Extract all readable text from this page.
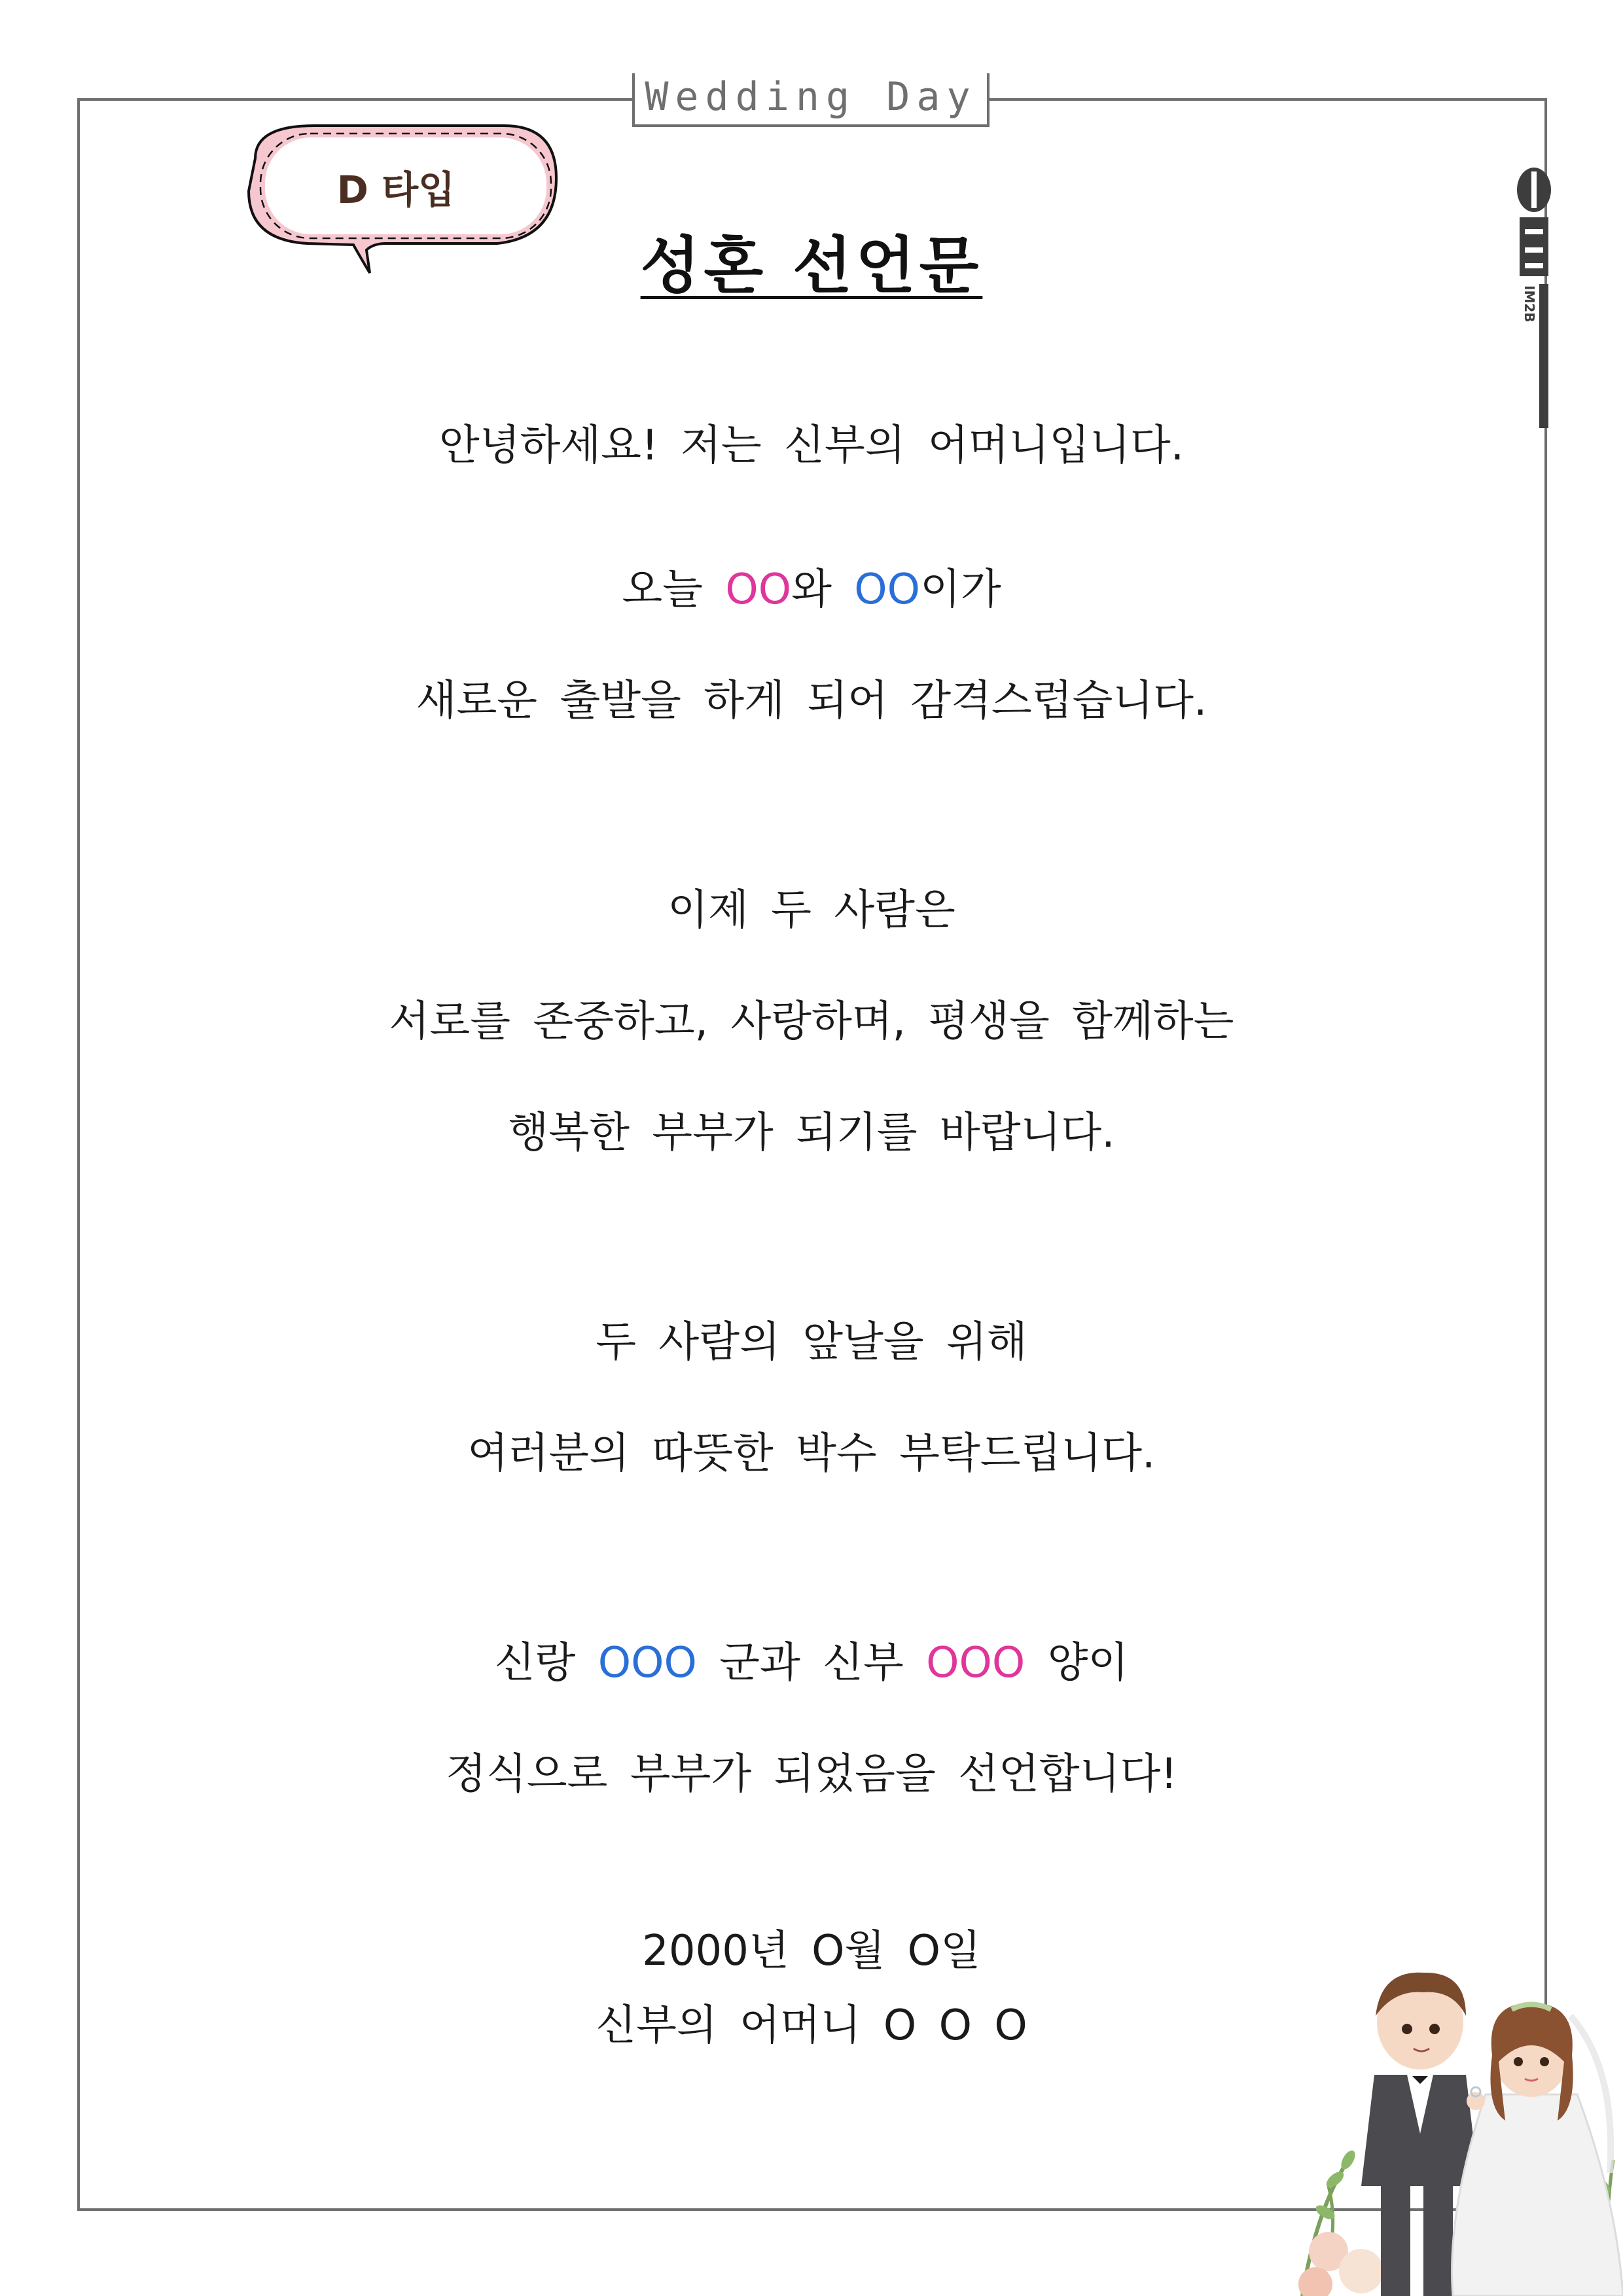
Wedding Day
D 타입
성혼 선언문
IM2B
안녕하세요! 저는 신부의 어머니입니다.
오늘 OO와 OO이가
새로운 출발을 하게 되어 감격스럽습니다.
이제 두 사람은
서로를 존중하고, 사랑하며, 평생을 함께하는
행복한 부부가 되기를 바랍니다.
두 사람의 앞날을 위해
여러분의 따뜻한 박수 부탁드립니다.
신랑 OOO 군과 신부 OOO 양이
정식으로 부부가 되었음을 선언합니다!
2000년 O월 O일
신부의 어머니 O O O
